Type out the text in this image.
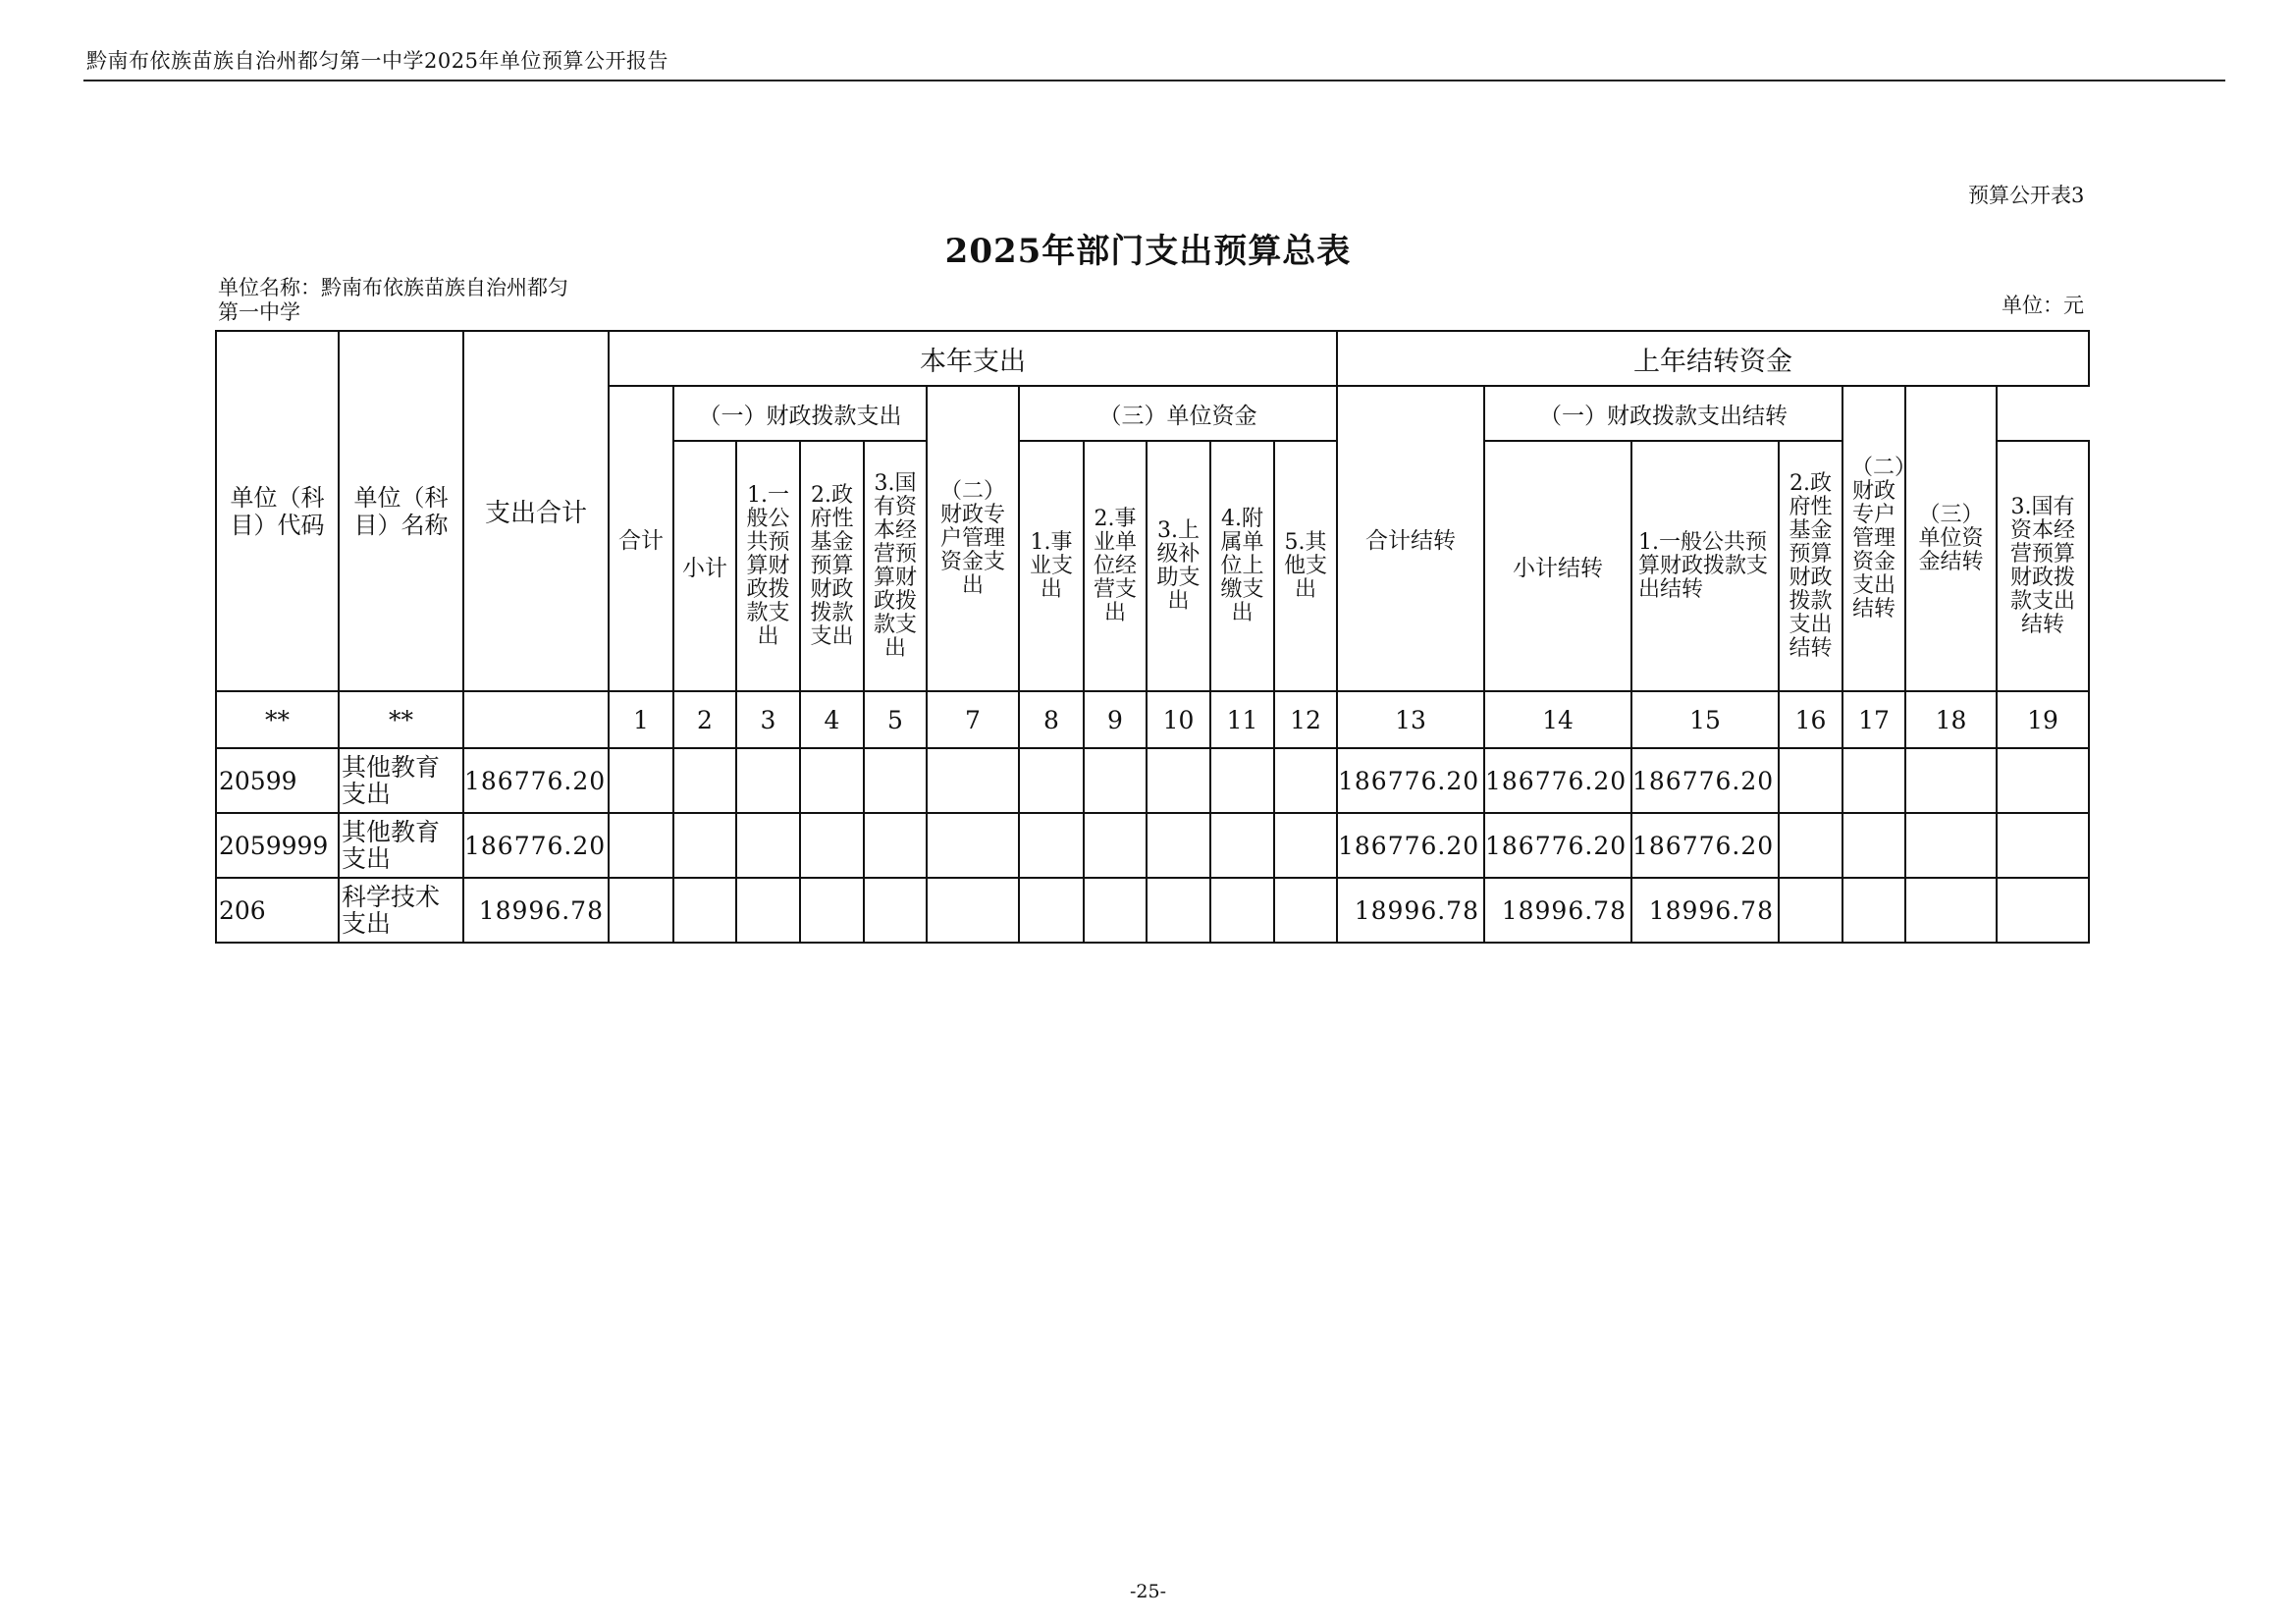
黔南布依族苗族自治州都匀第一中学2025年单位预算公开报告
预算公开表3
2025年部门支出预算总表
单位名称：黔南布依族苗族自治州都匀
第一中学	单位：元
单位（科目）代码	单位（科目）名称	支出合计	本年支出											上年结转资金						
			合计	（一）财政拨款支出				（二）财政专户管理资金支出	（三）单位资金					合计结转	（一）财政拨款支出结转			（二）财政专户管理资金支出结转	（三）单位资金结转	
				小计	1.一般公共预算财政拨款支出	2.政府性基金预算财政拨款支出	3.国有资本经营预算财政拨款支出		1.事业支出	2.事业单位经营支出	3.上级补助支出	4.附属单位上缴支出	5.其他支出		小计结转	1.一般公共预算财政拨款支出结转	2.政府性基金预算财政拨款支出结转			3.国有资本经营预算财政拨款支出结转
**	**		1	2	3	4	5	7	8	9	10	11	12	13	14	15	16	17	18	19
20599	其他教育支出	186776.20												186776.20	186776.20	186776.20				
2059999	其他教育支出	186776.20												186776.20	186776.20	186776.20				
206	科学技术支出	18996.78												18996.78	18996.78	18996.78				
-25-
